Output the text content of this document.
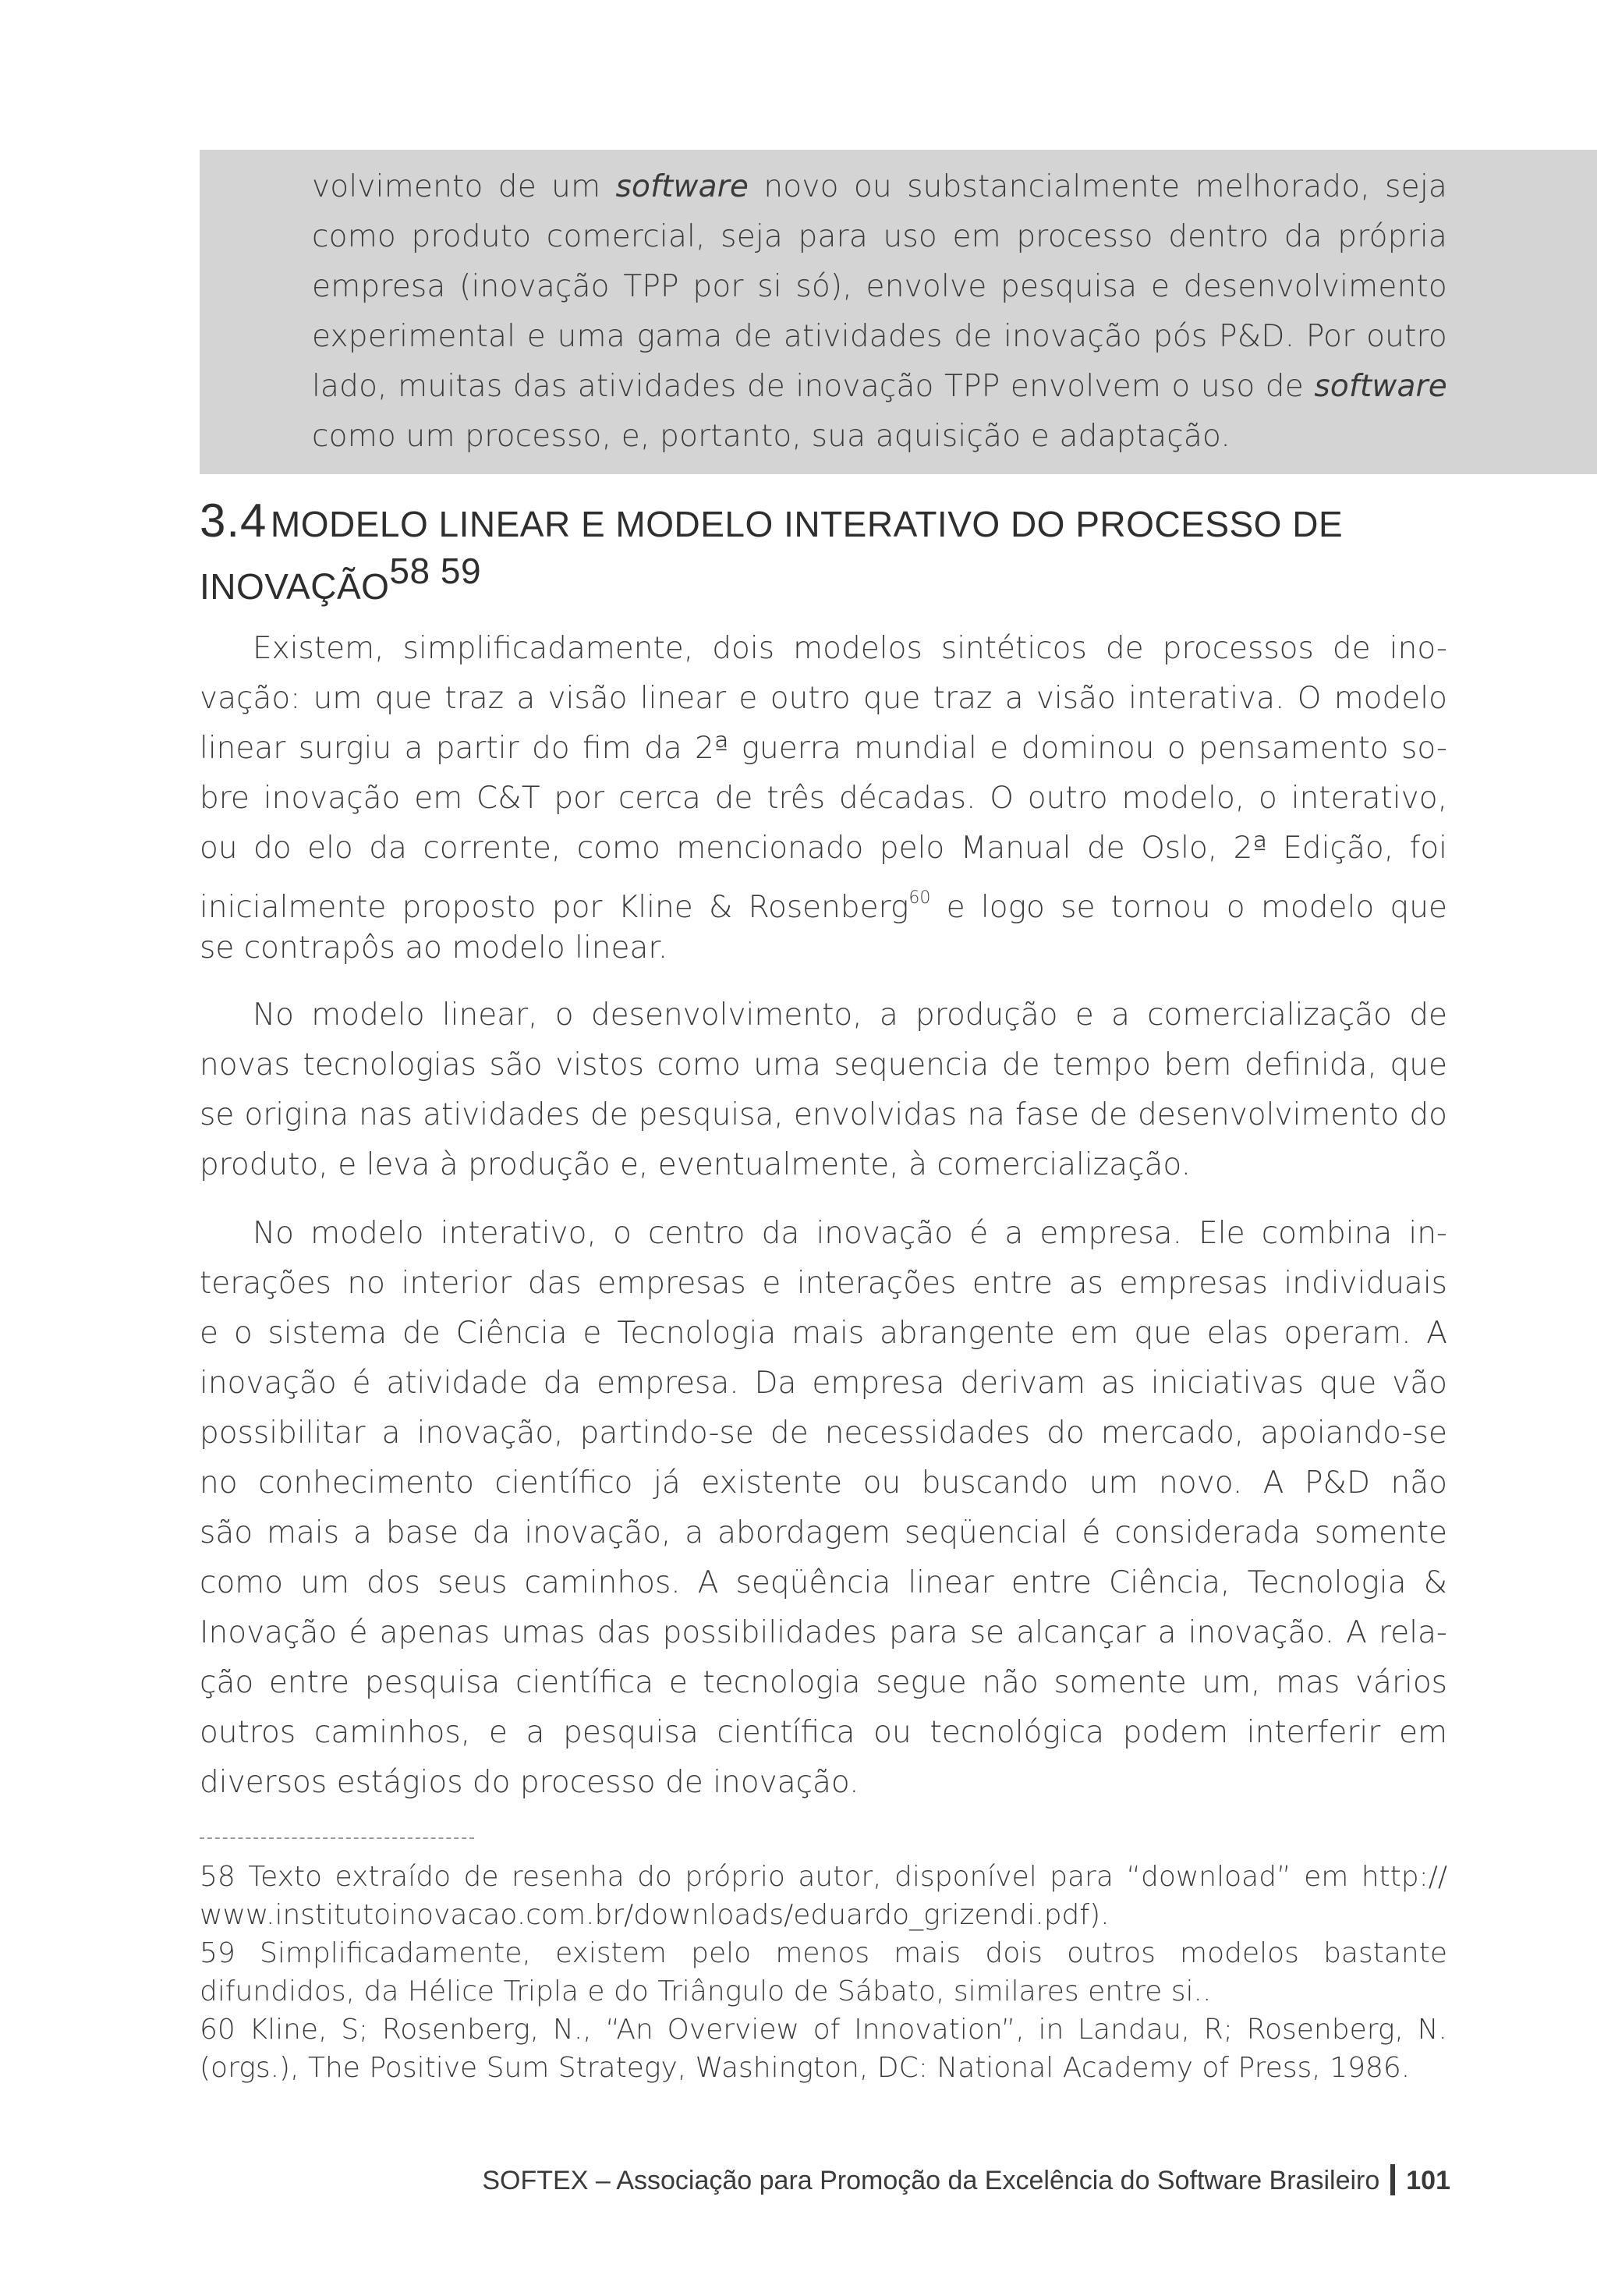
volvimento de um software novo ou substancialmente melhorado, seja
como produto comercial, seja para uso em processo dentro da própria
empresa (inovação TPP por si só), envolve pesquisa e desenvolvimento
experimental e uma gama de atividades de inovação pós P&D. Por outro
lado, muitas das atividades de inovação TPP envolvem o uso de software
como um processo, e, portanto, sua aquisição e adaptação.
3.4 MODELO LINEAR E MODELO INTERATIVO DO PROCESSO DE
$INOVAÇÃO^{58 59}$
Existem, simplificadamente, dois modelos sintéticos de processos de ino-
vação: um que traz a visão linear e outro que traz a visão interativa. O modelo
linear surgiu a partir do fim da 2ª guerra mundial e dominou o pensamento so-
bre inovação em C&T por cerca de três décadas. O outro modelo, o interativo,
ou do elo da corrente, como mencionado pelo Manual de Oslo, 2ª Edição, foi
inicialmente proposto por Kline & Rosenberg$^{60}$ e logo se tornou o modelo que
se contrapôs ao modelo linear.
No modelo linear, o desenvolvimento, a produção e a comercialização de
novas tecnologias são vistos como uma sequencia de tempo bem definida, que
se origina nas atividades de pesquisa, envolvidas na fase de desenvolvimento do
produto, e leva à produção e, eventualmente, à comercialização.
No modelo interativo, o centro da inovação é a empresa. Ele combina in-
terações no interior das empresas e interações entre as empresas individuais
e o sistema de Ciência e Tecnologia mais abrangente em que elas operam. A
inovação é atividade da empresa. Da empresa derivam as iniciativas que vão
possibilitar a inovação, partindo-se de necessidades do mercado, apoiando-se
no conhecimento científico já existente ou buscando um novo. A P&D não
são mais a base da inovação, a abordagem seqüencial é considerada somente
como um dos seus caminhos. A seqüência linear entre Ciência, Tecnologia &
Inovação é apenas umas das possibilidades para se alcançar a inovação. A rela-
ção entre pesquisa científica e tecnologia segue não somente um, mas vários
outros caminhos, e a pesquisa científica ou tecnológica podem interferir em
diversos estágios do processo de inovação.
58 Texto extraído de resenha do próprio autor, disponível para “download” em http://
www.institutoinovacao.com.br/downloads/eduardo_grizendi.pdf).
59 Simplificadamente, existem pelo menos mais dois outros modelos bastante
difundidos, da Hélice Tripla e do Triângulo de Sábato, similares entre si..
60 Kline, S; Rosenberg, N., “An Overview of Innovation”, in Landau, R; Rosenberg, N.
(orgs.), The Positive Sum Strategy, Washington, DC: National Academy of Press, 1986.
SOFTEX – Associação para Promoção da Excelência do Software Brasileiro 101
